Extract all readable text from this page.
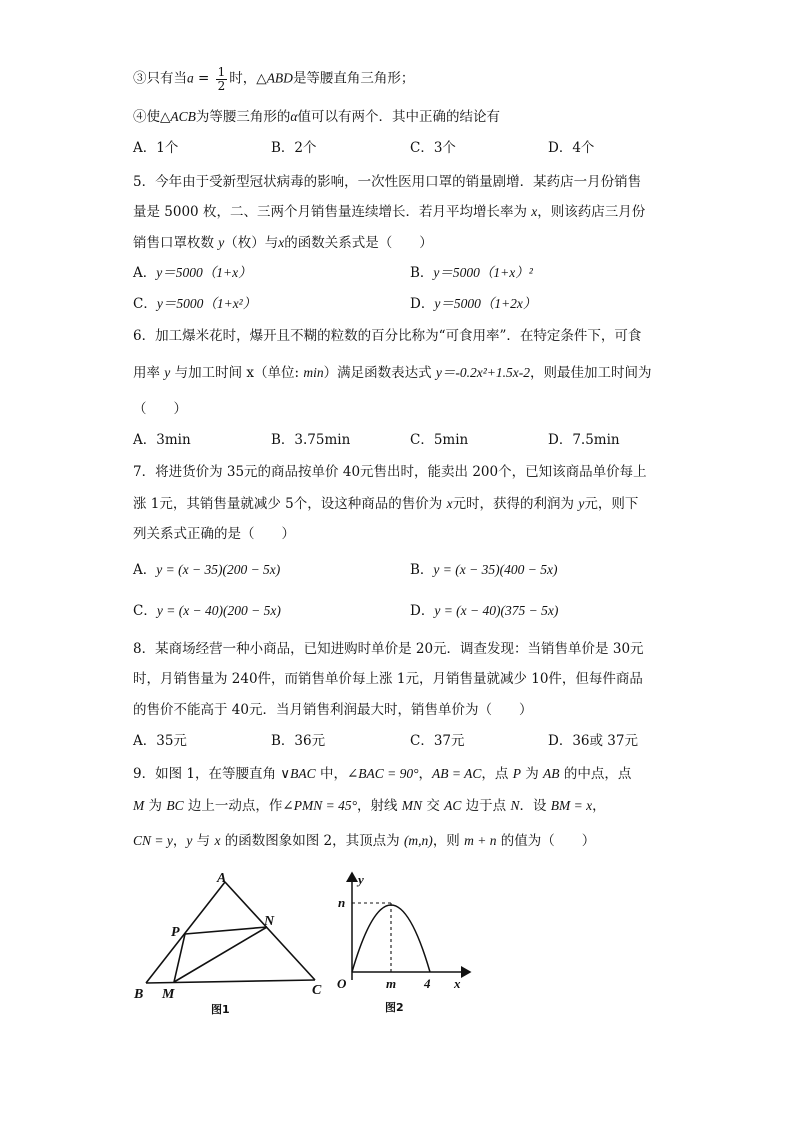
③只有当$a = \frac{1}{2}$ 时，△ABD是等腰直角三角形；
④使△ACB为等腰三角形的α值可以有两个．其中正确的结论有
A．1个	B．2个	C．3个	D．4个
5．今年由于受新型冠状病毒的影响，一次性医用口罩的销量剧增．某药店一月份销售
量是 5000 枚，二、三两个月销售量连续增长．若月平均增长率为 x，则该药店三月份
销售口罩枚数 y（枚）与x的函数关系式是（　　）
A．y＝5000（1+x）	B．y＝5000（1+x）²
C．y＝5000（1+x²）	D．y＝5000（1+2x）
6．加工爆米花时，爆开且不糊的粒数的百分比称为“可食用率”．在特定条件下，可食
用率 y 与加工时间 x（单位: min）满足函数表达式 y＝-0.2x²+1.5x-2，则最佳加工时间为
（　　）
A．3min	B．3.75min	C．5min	D．7.5min
7．将进货价为 35元的商品按单价 40元售出时，能卖出 200个，已知该商品单价每上
涨 1元，其销售量就减少 5个，设这种商品的售价为 x元时，获得的利润为 y元，则下
列关系式正确的是（　　）
A．y = (x − 35)(200 − 5x)	B．y = (x − 35)(400 − 5x)
C．y = (x − 40)(200 − 5x)	D．y = (x − 40)(375 − 5x)
8．某商场经营一种小商品，已知进购时单价是 20元．调查发现：当销售单价是 30元
时，月销售量为 240件，而销售单价每上涨 1元，月销售量就减少 10件，但每件商品
的售价不能高于 40元．当月销售利润最大时，销售单价为（　　）
A．35元	B．36元	C．37元	D．36或 37元
9．如图 1，在等腰直角 ∨BAC 中，∠BAC = 90°，AB = AC，点 P 为 AB 的中点，点
M 为 BC 边上一动点，作∠PMN = 45°，射线 MN 交 AC 边于点 N．设 BM = x，
CN = y，y 与 x 的函数图象如图 2，其顶点为 (m,n)，则 m + n 的值为（　　）
A
B	C
P
M
N
图1
y
n
O	m 4 x
图2
